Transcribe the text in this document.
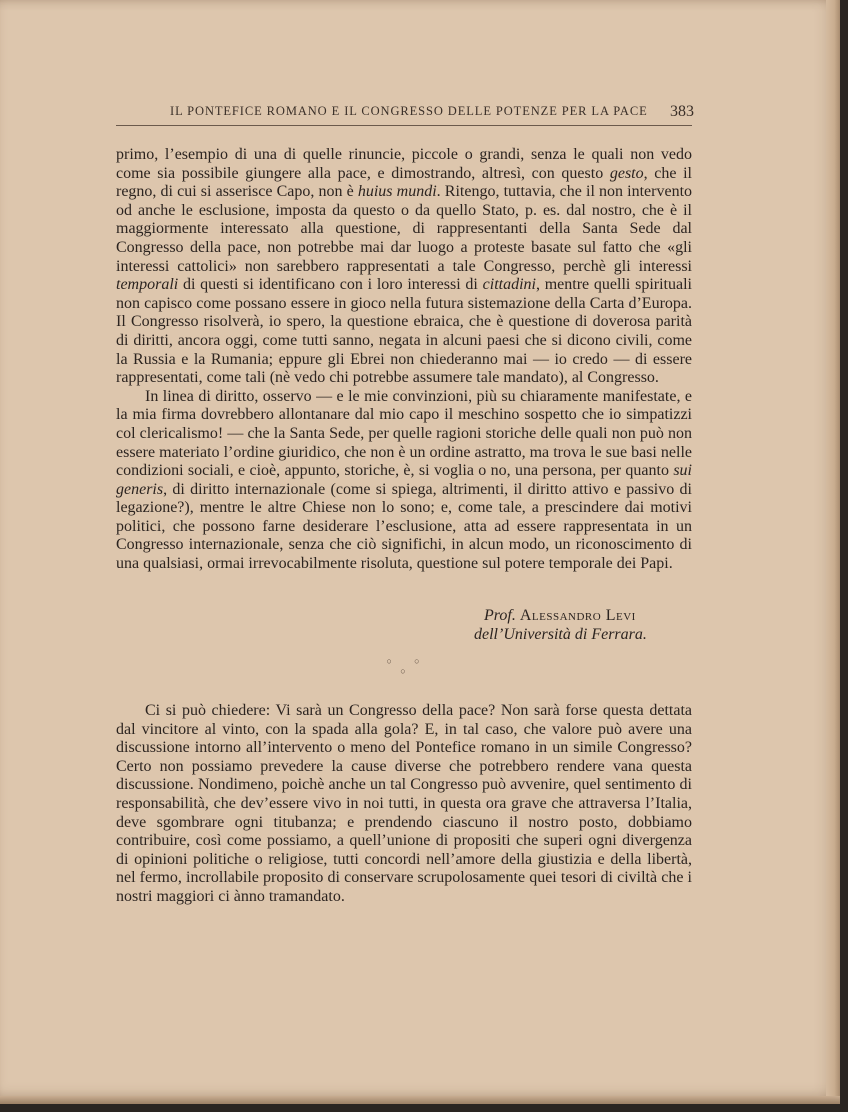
IL PONTEFICE ROMANO E IL CONGRESSO DELLE POTENZE PER LA PACE 383

primo, l’esempio di una di quelle rinuncie, piccole o grandi, senza le quali non vedo come sia possibile giungere alla pace, e dimostrando, altresì, con questo gesto, che il regno, di cui si asserisce Capo, non è huius mundi. Ritengo, tuttavia, che il non intervento od anche le esclusione, imposta da questo o da quello Stato, p. es. dal nostro, che è il maggiormente interessato alla questione, di rappresentanti della Santa Sede dal Congresso della pace, non potrebbe mai dar luogo a proteste basate sul fatto che «gli interessi cattolici» non sarebbero rappresentati a tale Congresso, perchè gli interessi temporali di questi si identificano con i loro interessi di cittadini, mentre quelli spirituali non capisco come possano essere in gioco nella futura sistemazione della Carta d’Europa. Il Congresso risolverà, io spero, la questione ebraica, che è questione di doverosa parità di diritti, ancora oggi, come tutti sanno, negata in alcuni paesi che si dicono civili, come la Russia e la Rumania; eppure gli Ebrei non chiederanno mai — io credo — di essere rappresentati, come tali (nè vedo chi potrebbe assumere tale mandato), al Congresso.

In linea di diritto, osservo — e le mie convinzioni, più su chiaramente manifestate, e la mia firma dovrebbero allontanare dal mio capo il meschino sospetto che io simpatizzi col clericalismo! — che la Santa Sede, per quelle ragioni storiche delle quali non può non essere materiato l’ordine giuridico, che non è un ordine astratto, ma trova le sue basi nelle condizioni sociali, e cioè, appunto, storiche, è, si voglia o no, una persona, per quanto sui generis, di diritto internazionale (come si spiega, altrimenti, il diritto attivo e passivo di legazione?), mentre le altre Chiese non lo sono; e, come tale, a prescindere dai motivi politici, che possono farne desiderare l’esclusione, atta ad essere rappresentata in un Congresso internazionale, senza che ciò significhi, in alcun modo, un riconoscimento di una qualsiasi, ormai irrevocabilmente risoluta, questione sul potere temporale dei Papi.

Prof. Alessandro Levi
dell’Università di Ferrara.
○ ○ ○

Ci si può chiedere: Vi sarà un Congresso della pace? Non sarà forse questa dettata dal vincitore al vinto, con la spada alla gola? E, in tal caso, che valore può avere una discussione intorno all’intervento o meno del Pontefice romano in un simile Congresso? Certo non possiamo prevedere la cause diverse che potrebbero rendere vana questa discussione. Nondimeno, poichè anche un tal Congresso può avvenire, quel sentimento di responsabilità, che dev’essere vivo in noi tutti, in questa ora grave che attraversa l’Italia, deve sgombrare ogni titubanza; e prendendo ciascuno il nostro posto, dobbiamo contribuire, così come possiamo, a quell’unione di propositi che superi ogni divergenza di opinioni politiche o religiose, tutti concordi nell’amore della giustizia e della libertà, nel fermo, incrollabile proposito di conservare scrupolosamente quei tesori di civiltà che i nostri maggiori ci ànno tramandato.
